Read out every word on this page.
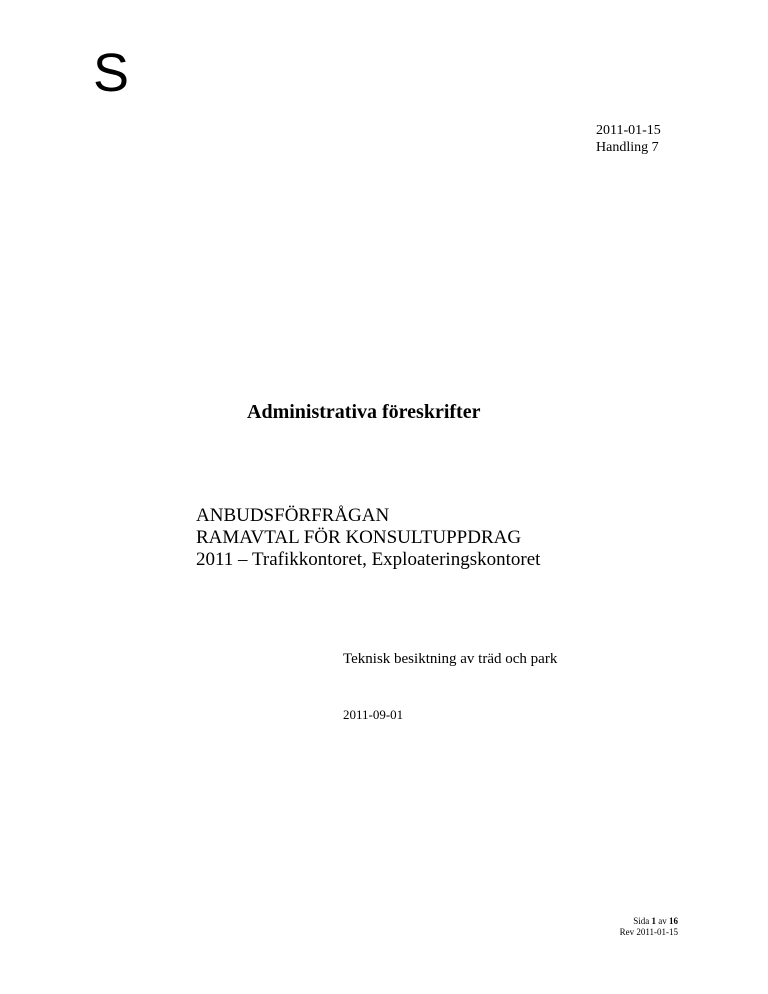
S
2011-01-15
Handling 7
Administrativa föreskrifter
ANBUDSFÖRFRÅGAN
RAMAVTAL FÖR KONSULTUPPDRAG
2011 – Trafikkontoret, Exploateringskontoret
Teknisk besiktning av träd och park
2011-09-01
Sida 1 av 16
Rev 2011-01-15
